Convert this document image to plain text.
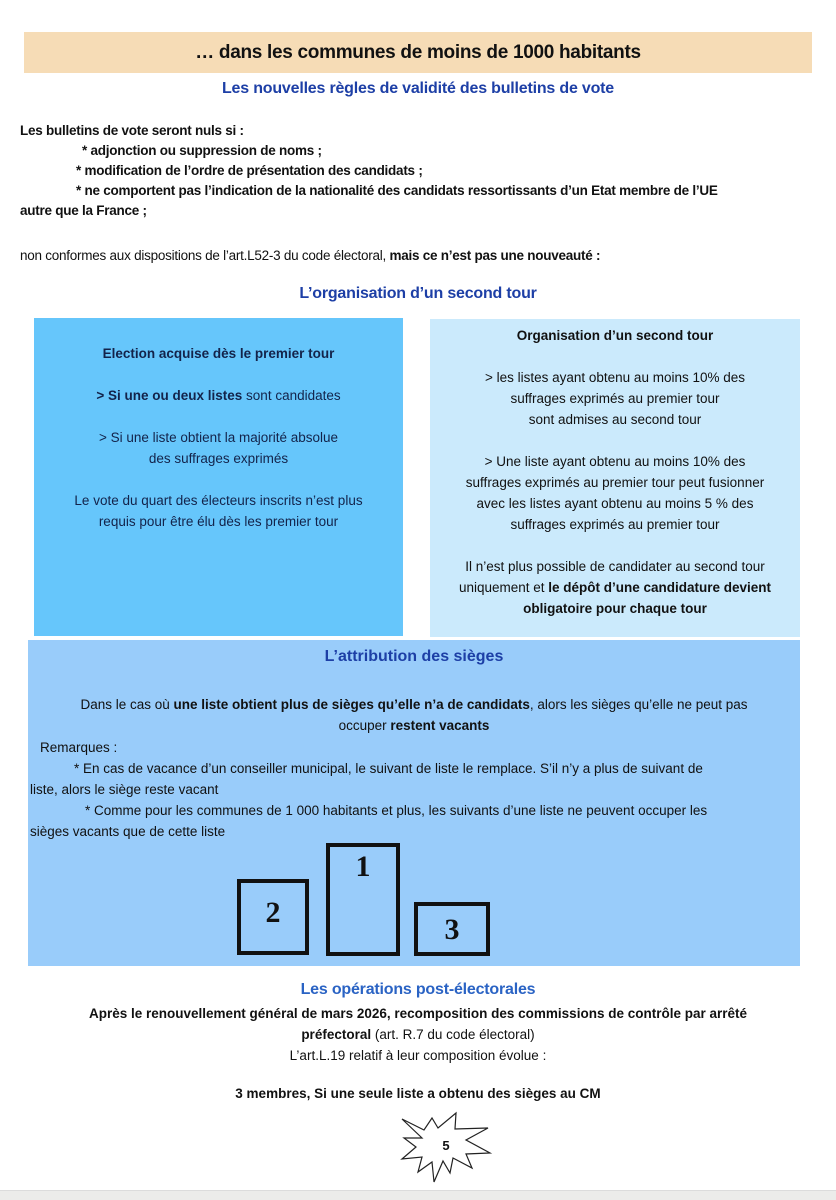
… dans les communes de moins de 1000 habitants
Les nouvelles règles de validité des bulletins de vote
Les bulletins de vote seront nuls si :
* adjonction ou suppression de noms ;
* modification de l’ordre de présentation des candidats ;
* ne comportent pas l’indication de la nationalité des candidats ressortissants d’un Etat membre de l’UE
autre que la France ;
non conformes aux dispositions de l’art.L52-3 du code électoral, mais ce n’est pas une nouveauté :
L’organisation d’un second tour
Election acquise dès le premier tour
> Si une ou deux listes sont candidates
> Si une liste obtient la majorité absolue
des suffrages exprimés
Le vote du quart des électeurs inscrits n’est plus
requis pour être élu dès les premier tour
Organisation d’un second tour
> les listes ayant obtenu au moins 10% des
suffrages exprimés au premier tour
sont admises au second tour
> Une liste ayant obtenu au moins 10% des
suffrages exprimés au premier tour peut fusionner
avec les listes ayant obtenu au moins 5 % des
suffrages exprimés au premier tour
Il n’est plus possible de candidater au second tour
uniquement et le dépôt d’une candidature devient
obligatoire pour chaque tour
L’attribution des sièges
Dans le cas où une liste obtient plus de sièges qu’elle n’a de candidats, alors les sièges qu’elle ne peut pas
occuper restent vacants
Remarques :
* En cas de vacance d’un conseiller municipal, le suivant de liste le remplace. S’il n’y a plus de suivant de
liste, alors le siège reste vacant
* Comme pour les communes de 1 000 habitants et plus, les suivants d’une liste ne peuvent occuper les
sièges vacants que de cette liste
2
1
3
Les opérations post-électorales
Après le renouvellement général de mars 2026, recomposition des commissions de contrôle par arrêté
préfectoral (art. R.7 du code électoral)
L’art.L.19 relatif à leur composition évolue :
3 membres, Si une seule liste a obtenu des sièges au CM
5
